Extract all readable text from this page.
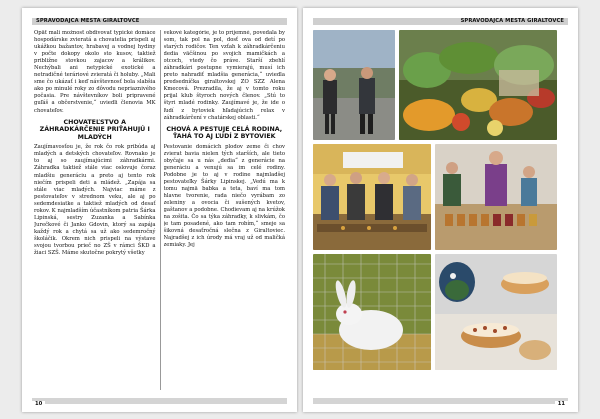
SPRAVODAJCA MESTA GIRALTOVCE

Opäť mali možnosť obdivovať typické domáce hospodárske zvieratá a chovatelia prispeli aj ukážkou bažantov, hrabavej a vodnej hydiny v počte dokopy okolo sto kusov, taktiež približne stovkou zajacov a králikov. Nechýbali ani netypické exotické a netradičné teráriové zvieratá či holuby. „Mali sme čo ukázať i keď návštevnosť bola slabšia ako po minulé roky zo dôvodu nepriaznivého počasia. Pre návštevníkov boli pripravené guľáš a občerstvenie,“ uviedli členovia MK chovateľov.

CHOVATEĽSTVO A ZÁHRADKÁRČENIE PRIŤAHUJÚ I MLADÝCH

Zaujímavosťou je, že rok čo rok pribúda aj mladých a detských chovateľov. Rovnako je to aj so zaujímajúcimi záhradkármi. Záhradka taktiež stále viac oslovuje čoraz mladšiu generáciu a preto aj tento rok niečím prispeli deti a mládež. „Zapája sa stále viac mladých. Najviac máme z pestovateľov v strednom veku, ale aj po sedemdesiatke a taktiež mladých od desať rokov. K najmladším účastníkom patria Šárka Lipinská, sestry Zuzanka a Sabínka Jurečkové či Janko Gdovin, ktorý sa zapája každý rok a chytá sa už ako sedemročný školáčik. Okrem nich prispeli na výstave svojou tvorbou prieč no ZŠ v rámci ŠKD a žiaci SZŠ. Máme skutočne pokrytý všetky

vekové kategórie, je to príjemné, povedala by som, tak pol na pol, dosť ova od detí po starých rodičov. Ten vzťah k záhradkárčeniu dedia väčšinou po svojich mamičkách a otcoch, vtedy čo práve. Starší zbehlí záhradkári postupne vymierajú, musí ich preto nahradiť mladšia generácia,“ uviedla predsedníčka giraltovskej ZO SZZ Alena Kmecová. Prezradila, že aj v tomto roku prijal klub štyroch nových členov. „Stú to štyri mladé rodinky. Zaujímavé je, že ide o ľudí z bytoviek hľadajúcich relax v záhradkárčení v chatárskej oblasti.“

CHOVÁ A PESTUJE CELÁ RODINA, ŤAHÁ TO AJ ĽUDÍ Z BYTOVIEK

Pestovanie domácich plodov zeme či chov zvierat bavia nielen tých starších, ale tieto obyčaje sa u nás „dedia“ z generácie na generáciu a venujú sa im celé rodiny. Podobne je to aj v rodine najmladšej pestovateľky Šárky Lipinskej. „Vedú ma k tomu najmä babka a teta, baví ma tom hlavne tvorenie, rada niečo vyrábam zo zeleniny a ovocia či sušených kvetov, gaštanov a podobne. Chodievam aj na krúžok na zošita. Čo sa týka záhradky, k slivkám, čo je tam posadené, ako tam robím,“ smeje sa šikovná desaťročná slečna z Giraltoviec. Najradšej z ich úrody má vraj už od maličká zemiaky. Jej

10
SPRAVODAJCA MESTA GIRALTOVCE
11
